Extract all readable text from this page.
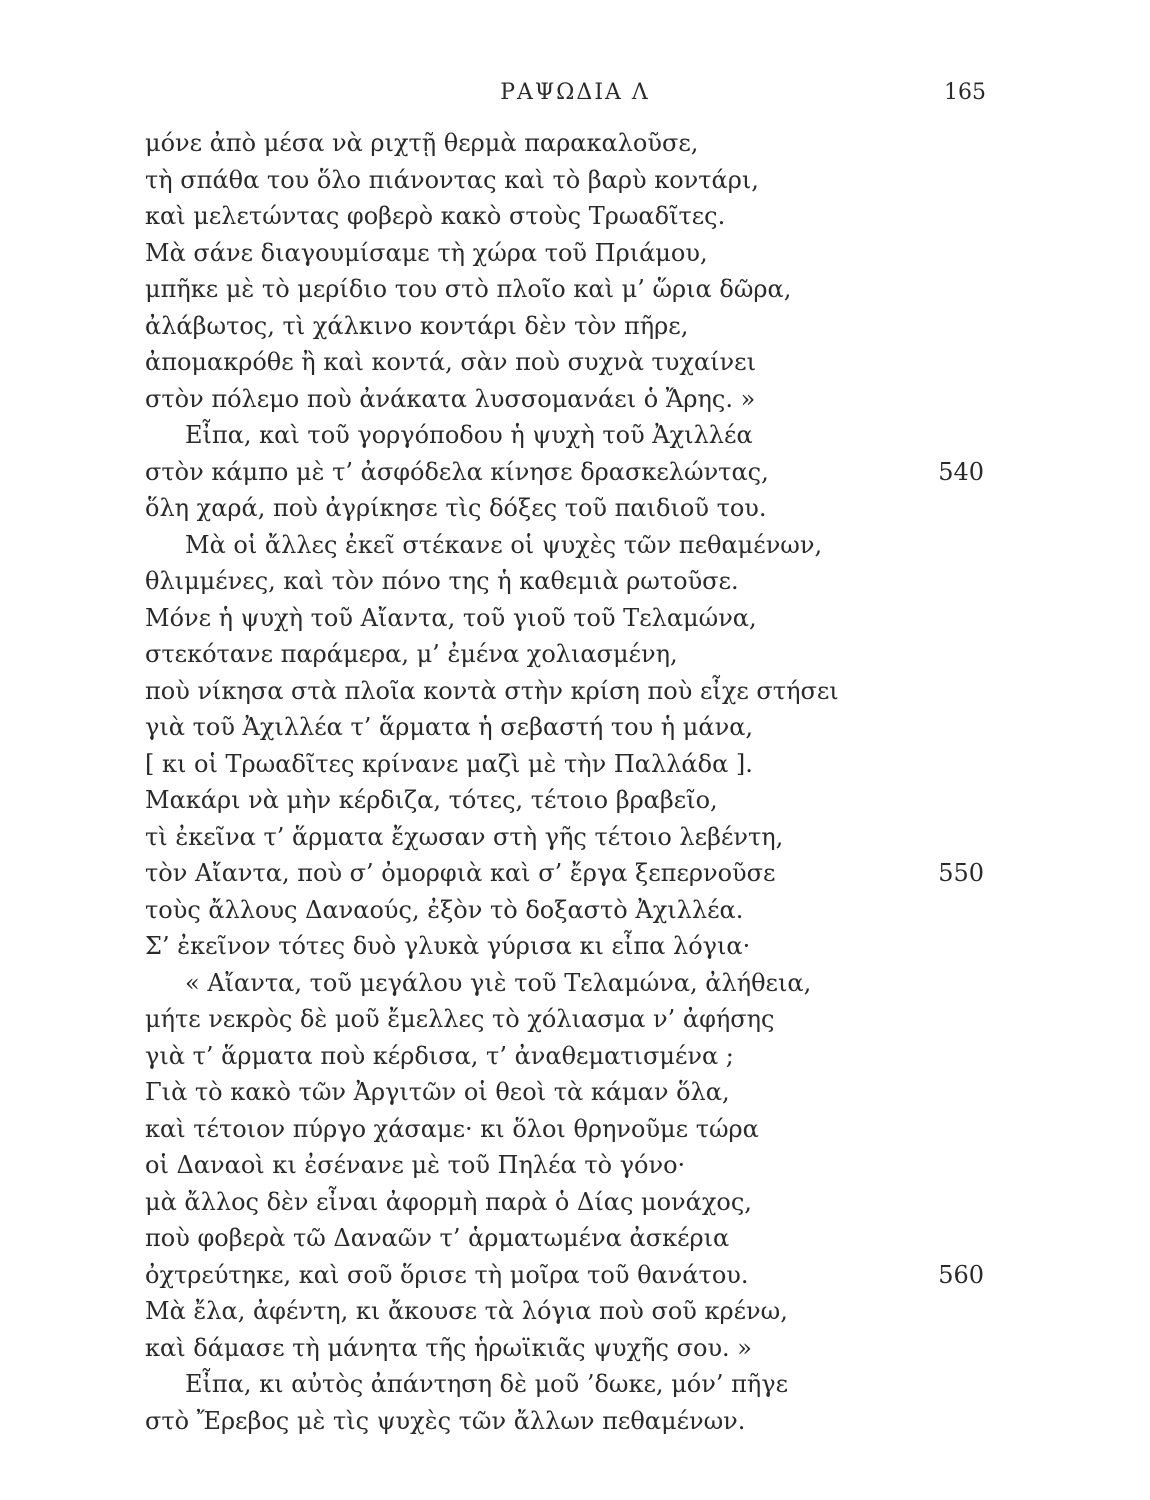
ΡΑΨΩΔΙΑ Λ	165
μόνε ἀπὸ μέσα νὰ ριχτῇ θερμὰ παρακαλοῦσε,
τὴ σπάθα του ὅλο πιάνοντας καὶ τὸ βαρὺ κοντάρι,
καὶ μελετώντας φοβερὸ κακὸ στοὺς Τρωαδῖτες.
Μὰ σάνε διαγουμίσαμε τὴ χώρα τοῦ Πριάμου,
μπῆκε μὲ τὸ μερίδιο του στὸ πλοῖο καὶ μ’ ὥρια δῶρα,
ἀλάβωτος, τὶ χάλκινο κοντάρι δὲν τὸν πῆρε,
ἀπομακρόθε ἢ καὶ κοντά, σὰν ποὺ συχνὰ τυχαίνει
στὸν πόλεμο ποὺ ἀνάκατα λυσσομανάει ὁ Ἄρης. »
Εἶπα, καὶ τοῦ γοργόποδου ἡ ψυχὴ τοῦ Ἀχιλλέα
στὸν κάμπο μὲ τ’ ἀσφόδελα κίνησε δρασκελώντας,	540
ὅλη χαρά, ποὺ ἀγρίκησε τὶς δόξες τοῦ παιδιοῦ του.
Μὰ οἱ ἄλλες ἐκεῖ στέκανε οἱ ψυχὲς τῶν πεθαμένων,
θλιμμένες, καὶ τὸν πόνο της ἡ καθεμιὰ ρωτοῦσε.
Μόνε ἡ ψυχὴ τοῦ Αἴαντα, τοῦ γιοῦ τοῦ Τελαμώνα,
στεκότανε παράμερα, μ’ ἐμένα χολιασμένη,
ποὺ νίκησα στὰ πλοῖα κοντὰ στὴν κρίση ποὺ εἶχε στήσει
γιὰ τοῦ Ἀχιλλέα τ’ ἅρματα ἡ σεβαστή του ἡ μάνα,
[ κι οἱ Τρωαδῖτες κρίνανε μαζὶ μὲ τὴν Παλλάδα ].
Μακάρι νὰ μὴν κέρδιζα, τότες, τέτοιο βραβεῖο,
τὶ ἐκεῖνα τ’ ἅρματα ἔχωσαν στὴ γῆς τέτοιο λεβέντη,
τὸν Αἴαντα, ποὺ σ’ ὀμορφιὰ καὶ σ’ ἔργα ξεπερνοῦσε	550
τοὺς ἄλλους Δαναούς, ἐξὸν τὸ δοξαστὸ Ἀχιλλέα.
Σ’ ἐκεῖνον τότες δυὸ γλυκὰ γύρισα κι εἶπα λόγια·
« Αἴαντα, τοῦ μεγάλου γιὲ τοῦ Τελαμώνα, ἀλήθεια,
μήτε νεκρὸς δὲ μοῦ ἔμελλες τὸ χόλιασμα ν’ ἀφήσης
γιὰ τ’ ἅρματα ποὺ κέρδισα, τ’ ἀναθεματισμένα ;
Γιὰ τὸ κακὸ τῶν Ἀργιτῶν οἱ θεοὶ τὰ κάμαν ὅλα,
καὶ τέτοιον πύργο χάσαμε· κι ὅλοι θρηνοῦμε τώρα
οἱ Δαναοὶ κι ἐσένανε μὲ τοῦ Πηλέα τὸ γόνο·
μὰ ἄλλος δὲν εἶναι ἀφορμὴ παρὰ ὁ Δίας μονάχος,
ποὺ φοβερὰ τῶ Δαναῶν τ’ ἁρματωμένα ἀσκέρια
ὀχτρεύτηκε, καὶ σοῦ ὅρισε τὴ μοῖρα τοῦ θανάτου.	560
Μὰ ἔλα, ἀφέντη, κι ἄκουσε τὰ λόγια ποὺ σοῦ κρένω,
καὶ δάμασε τὴ μάνητα τῆς ἡρωϊκιᾶς ψυχῆς σου. »
Εἶπα, κι αὐτὸς ἀπάντηση δὲ μοῦ ’δωκε, μόν’ πῆγε
στὸ Ἔρεβος μὲ τὶς ψυχὲς τῶν ἄλλων πεθαμένων.
